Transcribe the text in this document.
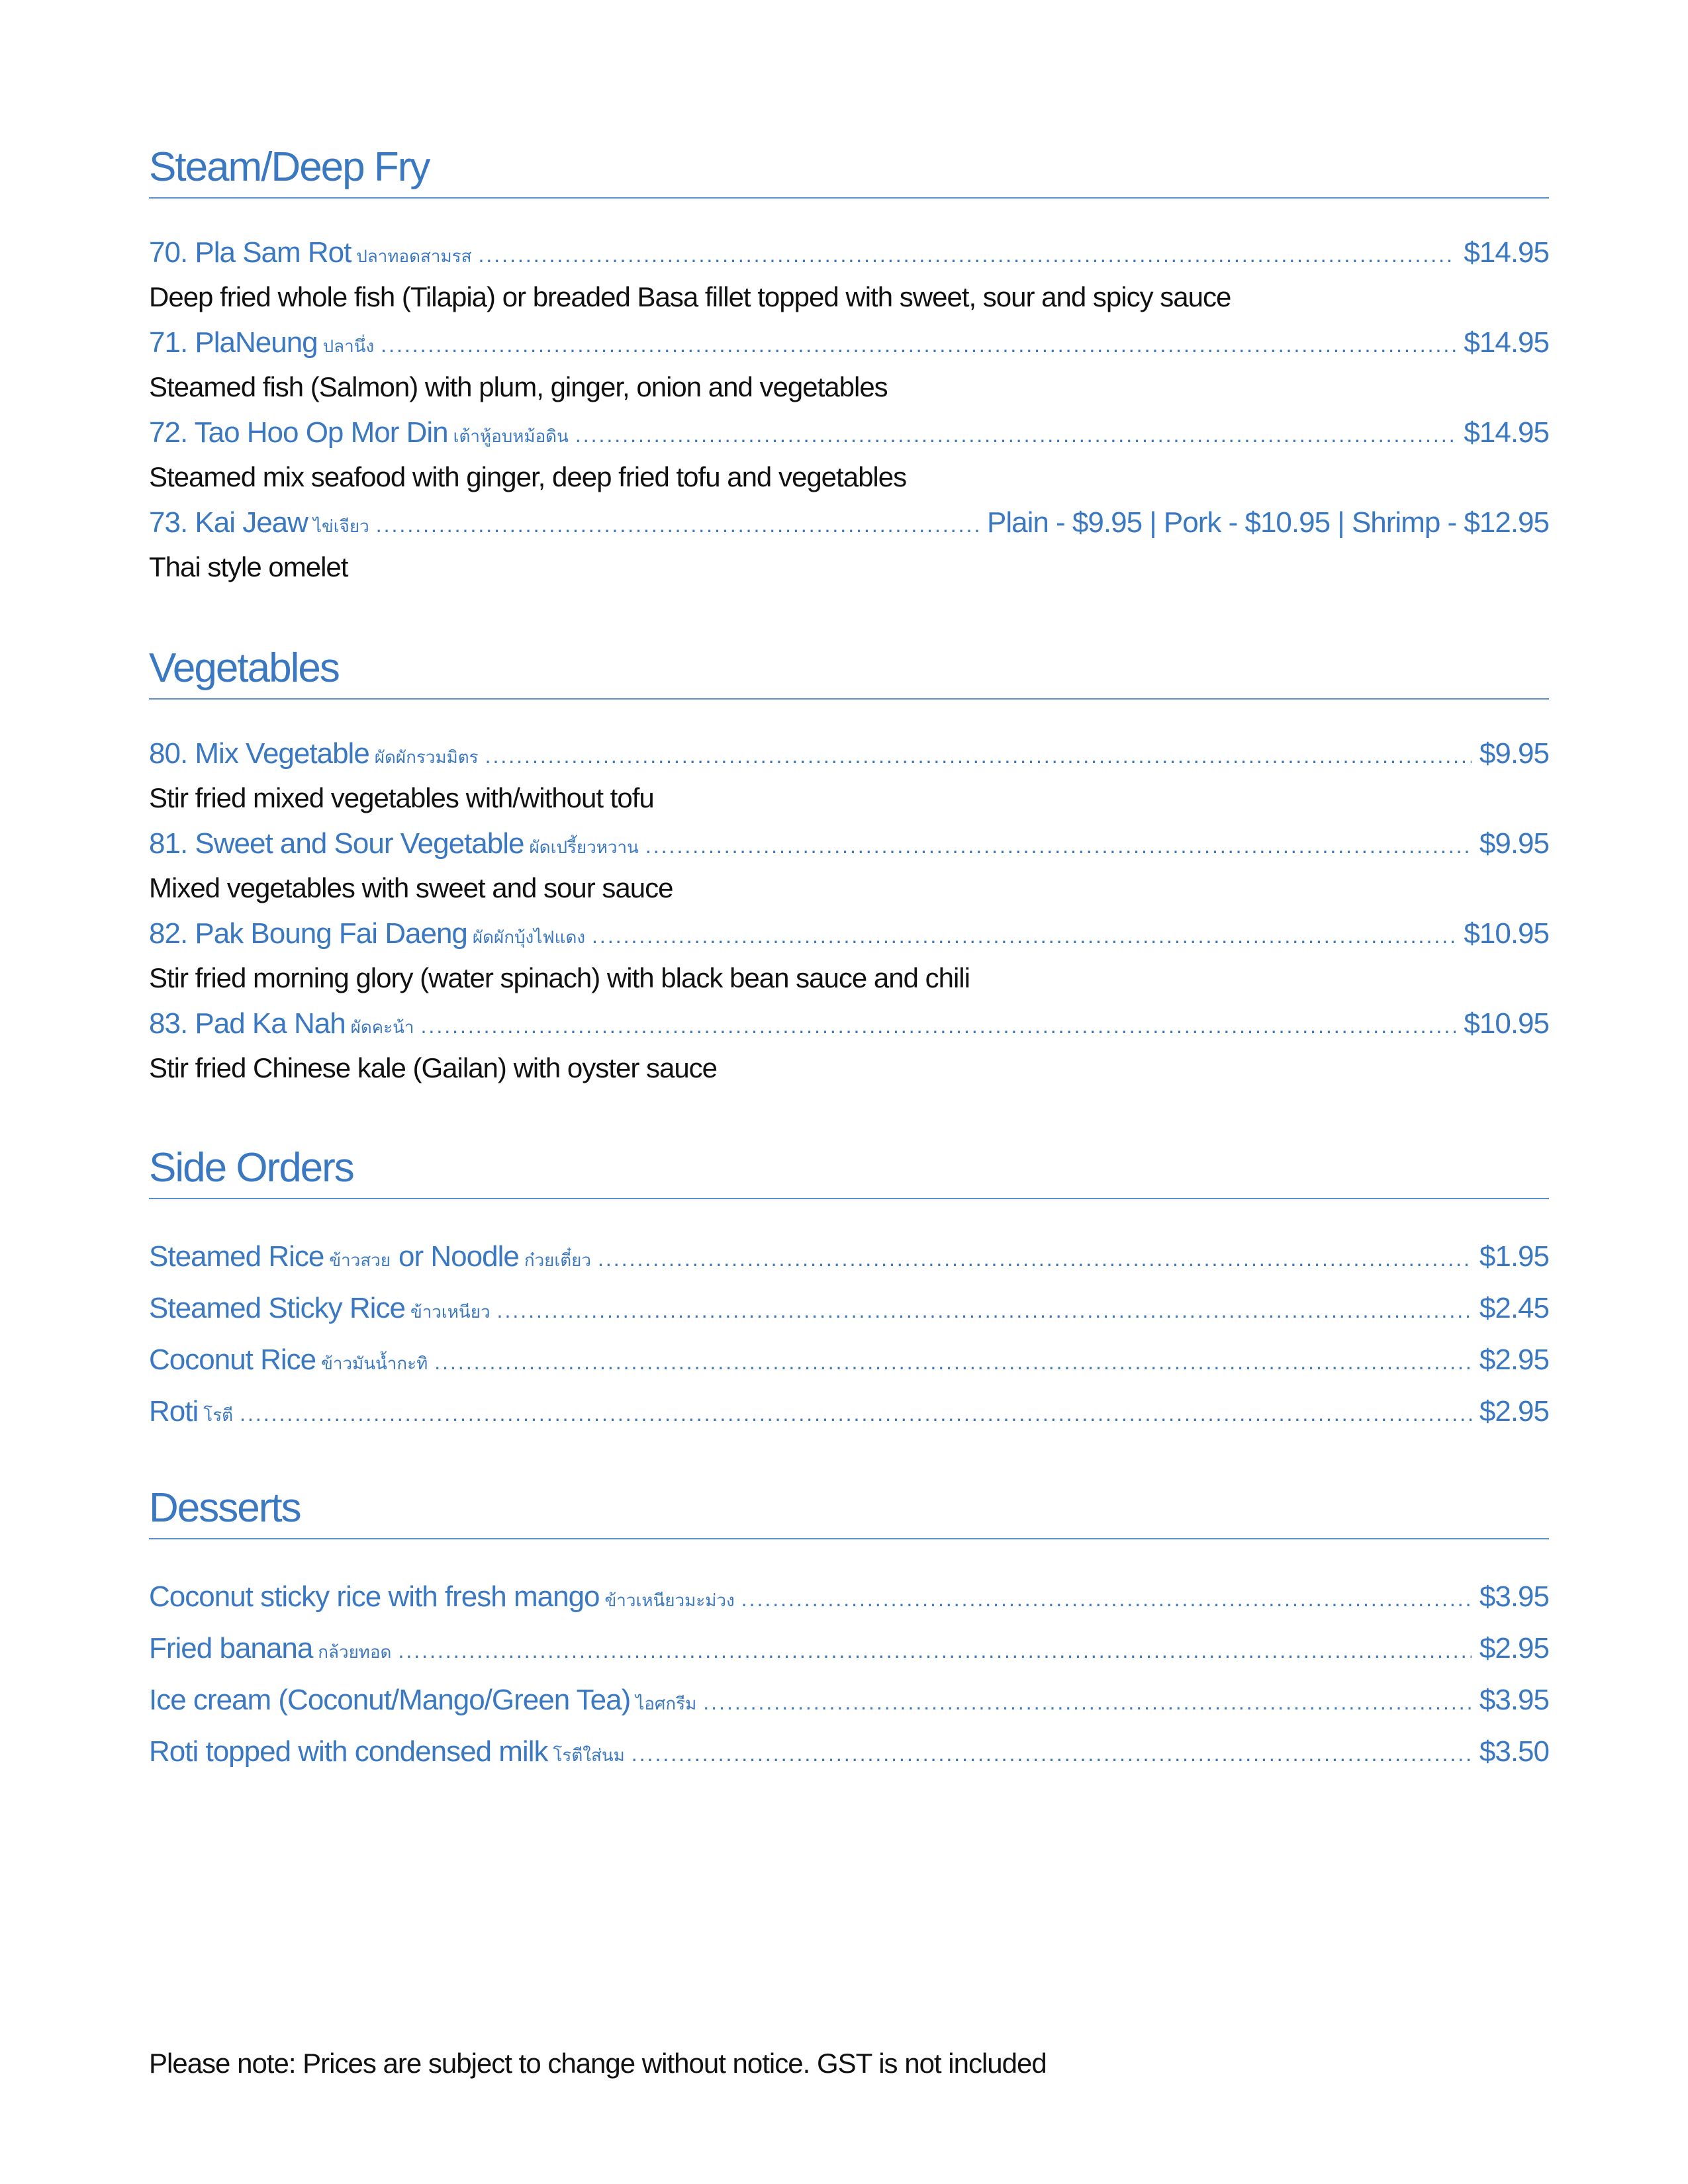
Steam/Deep Fry
70. Pla Sam Rot ปลาทอดสามรส .....	$14.95
Deep fried whole fish (Tilapia) or breaded Basa fillet topped with sweet, sour and spicy sauce
71. PlaNeung ปลานึ่ง .....	$14.95
Steamed fish (Salmon) with plum, ginger, onion and vegetables
72. Tao Hoo Op Mor Din เต้าหู้อบหม้อดิน .....	$14.95
Steamed mix seafood with ginger, deep fried tofu and vegetables
73. Kai Jeaw ไข่เจียว .....	Plain - $9.95 | Pork - $10.95 | Shrimp - $12.95
Thai style omelet
Vegetables
80. Mix Vegetable ผัดผักรวมมิตร .....	$9.95
Stir fried mixed vegetables with/without tofu
81. Sweet and Sour Vegetable ผัดเปรี้ยวหวาน .....	$9.95
Mixed vegetables with sweet and sour sauce
82. Pak Boung Fai Daeng ผัดผักบุ้งไฟแดง .....	$10.95
Stir fried morning glory (water spinach) with black bean sauce and chili
83. Pad Ka Nah ผัดคะน้า .....	$10.95
Stir fried Chinese kale (Gailan) with oyster sauce
Side Orders
Steamed Rice ข้าวสวย or Noodle ก๋วยเตี๋ยว .....	$1.95
Steamed Sticky Rice ข้าวเหนียว .....	$2.45
Coconut Rice ข้าวมันน้ำกะทิ .....	$2.95
Roti โรตี .....	$2.95
Desserts
Coconut sticky rice with fresh mango ข้าวเหนียวมะม่วง .....	$3.95
Fried banana กล้วยทอด .....	$2.95
Ice cream (Coconut/Mango/Green Tea) ไอศกรีม .....	$3.95
Roti topped with condensed milk โรตีใส่นม .....	$3.50
Please note: Prices are subject to change without notice. GST is not included
